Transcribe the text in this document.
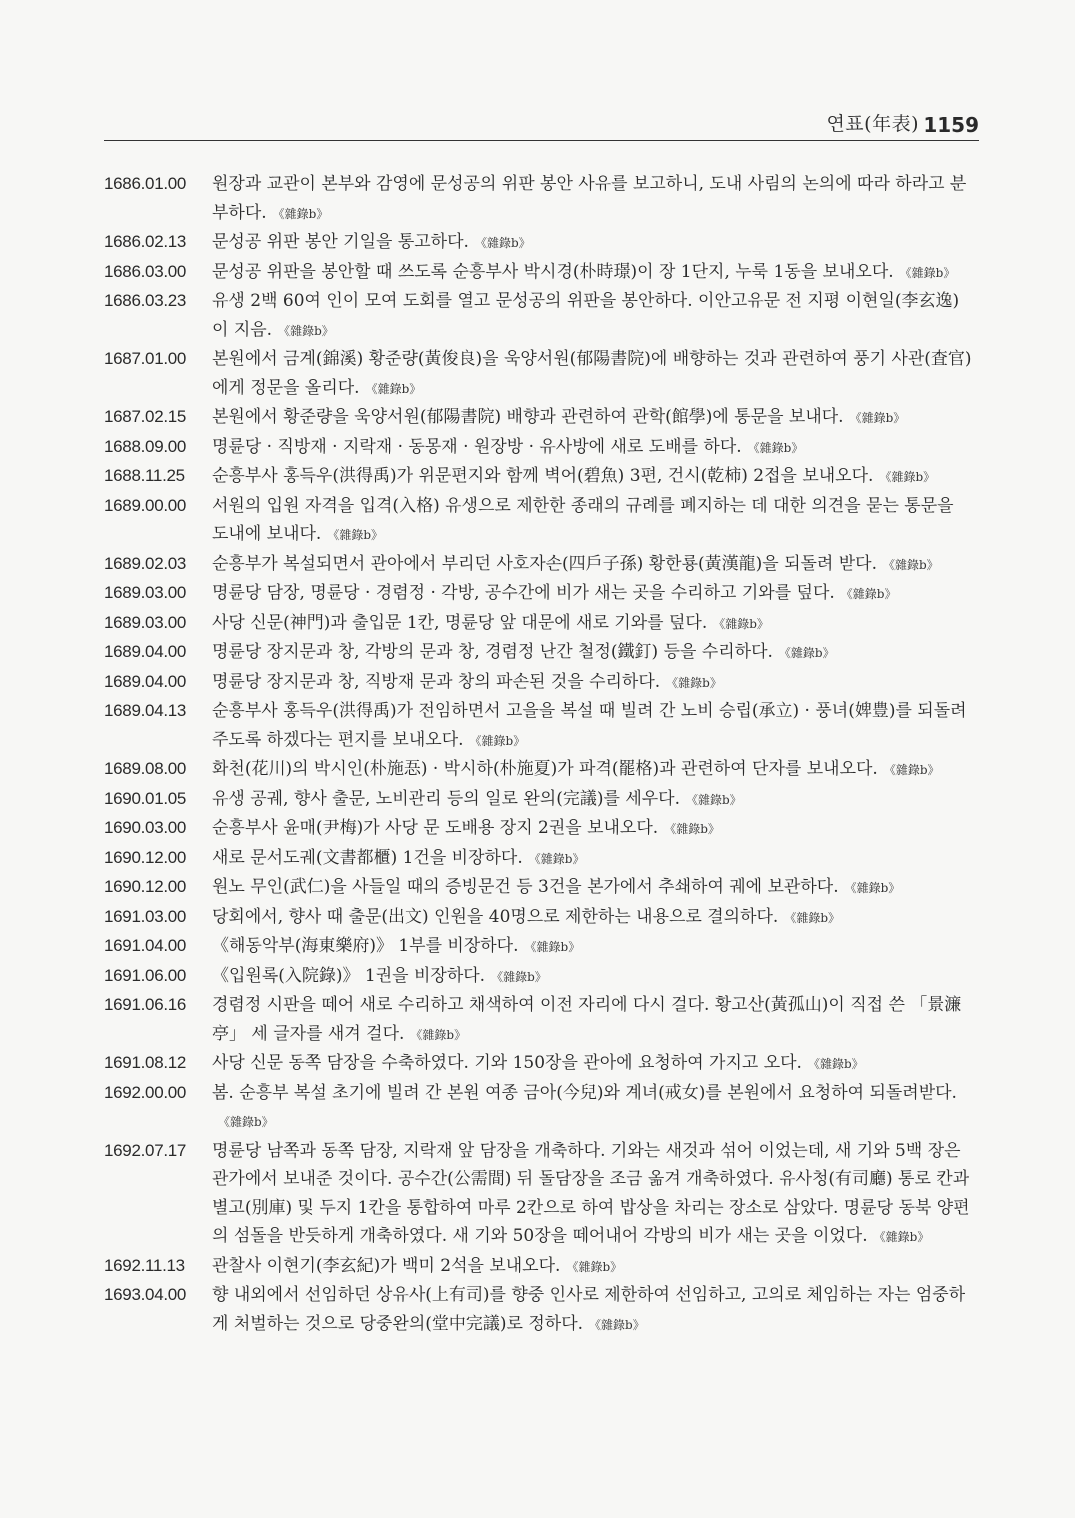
연표(年表) 1159
1686.01.00	원장과 교관이 본부와 감영에 문성공의 위판 봉안 사유를 보고하니, 도내 사림의 논의에 따라 하라고 분부하다. 《雜錄b》
1686.02.13	문성공 위판 봉안 기일을 통고하다. 《雜錄b》
1686.03.00	문성공 위판을 봉안할 때 쓰도록 순흥부사 박시경(朴時璟)이 장 1단지, 누룩 1동을 보내오다. 《雜錄b》
1686.03.23	유생 2백 60여 인이 모여 도회를 열고 문성공의 위판을 봉안하다. 이안고유문 전 지평 이현일(李玄逸)이 지음. 《雜錄b》
1687.01.00	본원에서 금계(錦溪) 황준량(黃俊良)을 욱양서원(郁陽書院)에 배향하는 것과 관련하여 풍기 사관(査官)에게 정문을 올리다. 《雜錄b》
1687.02.15	본원에서 황준량을 욱양서원(郁陽書院) 배향과 관련하여 관학(館學)에 통문을 보내다. 《雜錄b》
1688.09.00	명륜당 · 직방재 · 지락재 · 동몽재 · 원장방 · 유사방에 새로 도배를 하다. 《雜錄b》
1688.11.25	순흥부사 홍득우(洪得禹)가 위문편지와 함께 벽어(碧魚) 3편, 건시(乾柿) 2접을 보내오다. 《雜錄b》
1689.00.00	서원의 입원 자격을 입격(入格) 유생으로 제한한 종래의 규례를 폐지하는 데 대한 의견을 묻는 통문을 도내에 보내다. 《雜錄b》
1689.02.03	순흥부가 복설되면서 관아에서 부리던 사호자손(四戶子孫) 황한룡(黃漢龍)을 되돌려 받다. 《雜錄b》
1689.03.00	명륜당 담장, 명륜당 · 경렴정 · 각방, 공수간에 비가 새는 곳을 수리하고 기와를 덮다. 《雜錄b》
1689.03.00	사당 신문(神門)과 출입문 1칸, 명륜당 앞 대문에 새로 기와를 덮다. 《雜錄b》
1689.04.00	명륜당 장지문과 창, 각방의 문과 창, 경렴정 난간 철정(鐵釘) 등을 수리하다. 《雜錄b》
1689.04.00	명륜당 장지문과 창, 직방재 문과 창의 파손된 것을 수리하다. 《雜錄b》
1689.04.13	순흥부사 홍득우(洪得禹)가 전임하면서 고을을 복설 때 빌려 간 노비 승립(承立) · 풍녀(婢豊)를 되돌려주도록 하겠다는 편지를 보내오다. 《雜錄b》
1689.08.00	화천(花川)의 박시인(朴施忢) · 박시하(朴施夏)가 파격(罷格)과 관련하여 단자를 보내오다. 《雜錄b》
1690.01.05	유생 공궤, 향사 출문, 노비관리 등의 일로 완의(完議)를 세우다. 《雜錄b》
1690.03.00	순흥부사 윤매(尹梅)가 사당 문 도배용 장지 2권을 보내오다. 《雜錄b》
1690.12.00	새로 문서도궤(文書都櫃) 1건을 비장하다. 《雜錄b》
1690.12.00	원노 무인(武仁)을 사들일 때의 증빙문건 등 3건을 본가에서 추쇄하여 궤에 보관하다. 《雜錄b》
1691.03.00	당회에서, 향사 때 출문(出文) 인원을 40명으로 제한하는 내용으로 결의하다. 《雜錄b》
1691.04.00	《해동악부(海東樂府)》 1부를 비장하다. 《雜錄b》
1691.06.00	《입원록(入院錄)》 1권을 비장하다. 《雜錄b》
1691.06.16	경렴정 시판을 떼어 새로 수리하고 채색하여 이전 자리에 다시 걸다. 황고산(黃孤山)이 직접 쓴 「景濂亭」 세 글자를 새겨 걸다. 《雜錄b》
1691.08.12	사당 신문 동쪽 담장을 수축하였다. 기와 150장을 관아에 요청하여 가지고 오다. 《雜錄b》
1692.00.00	봄. 순흥부 복설 초기에 빌려 간 본원 여종 금아(今兒)와 계녀(戒女)를 본원에서 요청하여 되돌려받다.《雜錄b》
1692.07.17	명륜당 남쪽과 동쪽 담장, 지락재 앞 담장을 개축하다. 기와는 새것과 섞어 이었는데, 새 기와 5백 장은 관가에서 보내준 것이다. 공수간(公需間) 뒤 돌담장을 조금 옮겨 개축하였다. 유사청(有司廳) 통로 칸과 별고(別庫) 및 두지 1칸을 통합하여 마루 2칸으로 하여 밥상을 차리는 장소로 삼았다. 명륜당 동북 양편의 섬돌을 반듯하게 개축하였다. 새 기와 50장을 떼어내어 각방의 비가 새는 곳을 이었다. 《雜錄b》
1692.11.13	관찰사 이현기(李玄紀)가 백미 2석을 보내오다. 《雜錄b》
1693.04.00	향 내외에서 선임하던 상유사(上有司)를 향중 인사로 제한하여 선임하고, 고의로 체임하는 자는 엄중하게 처벌하는 것으로 당중완의(堂中完議)로 정하다. 《雜錄b》
